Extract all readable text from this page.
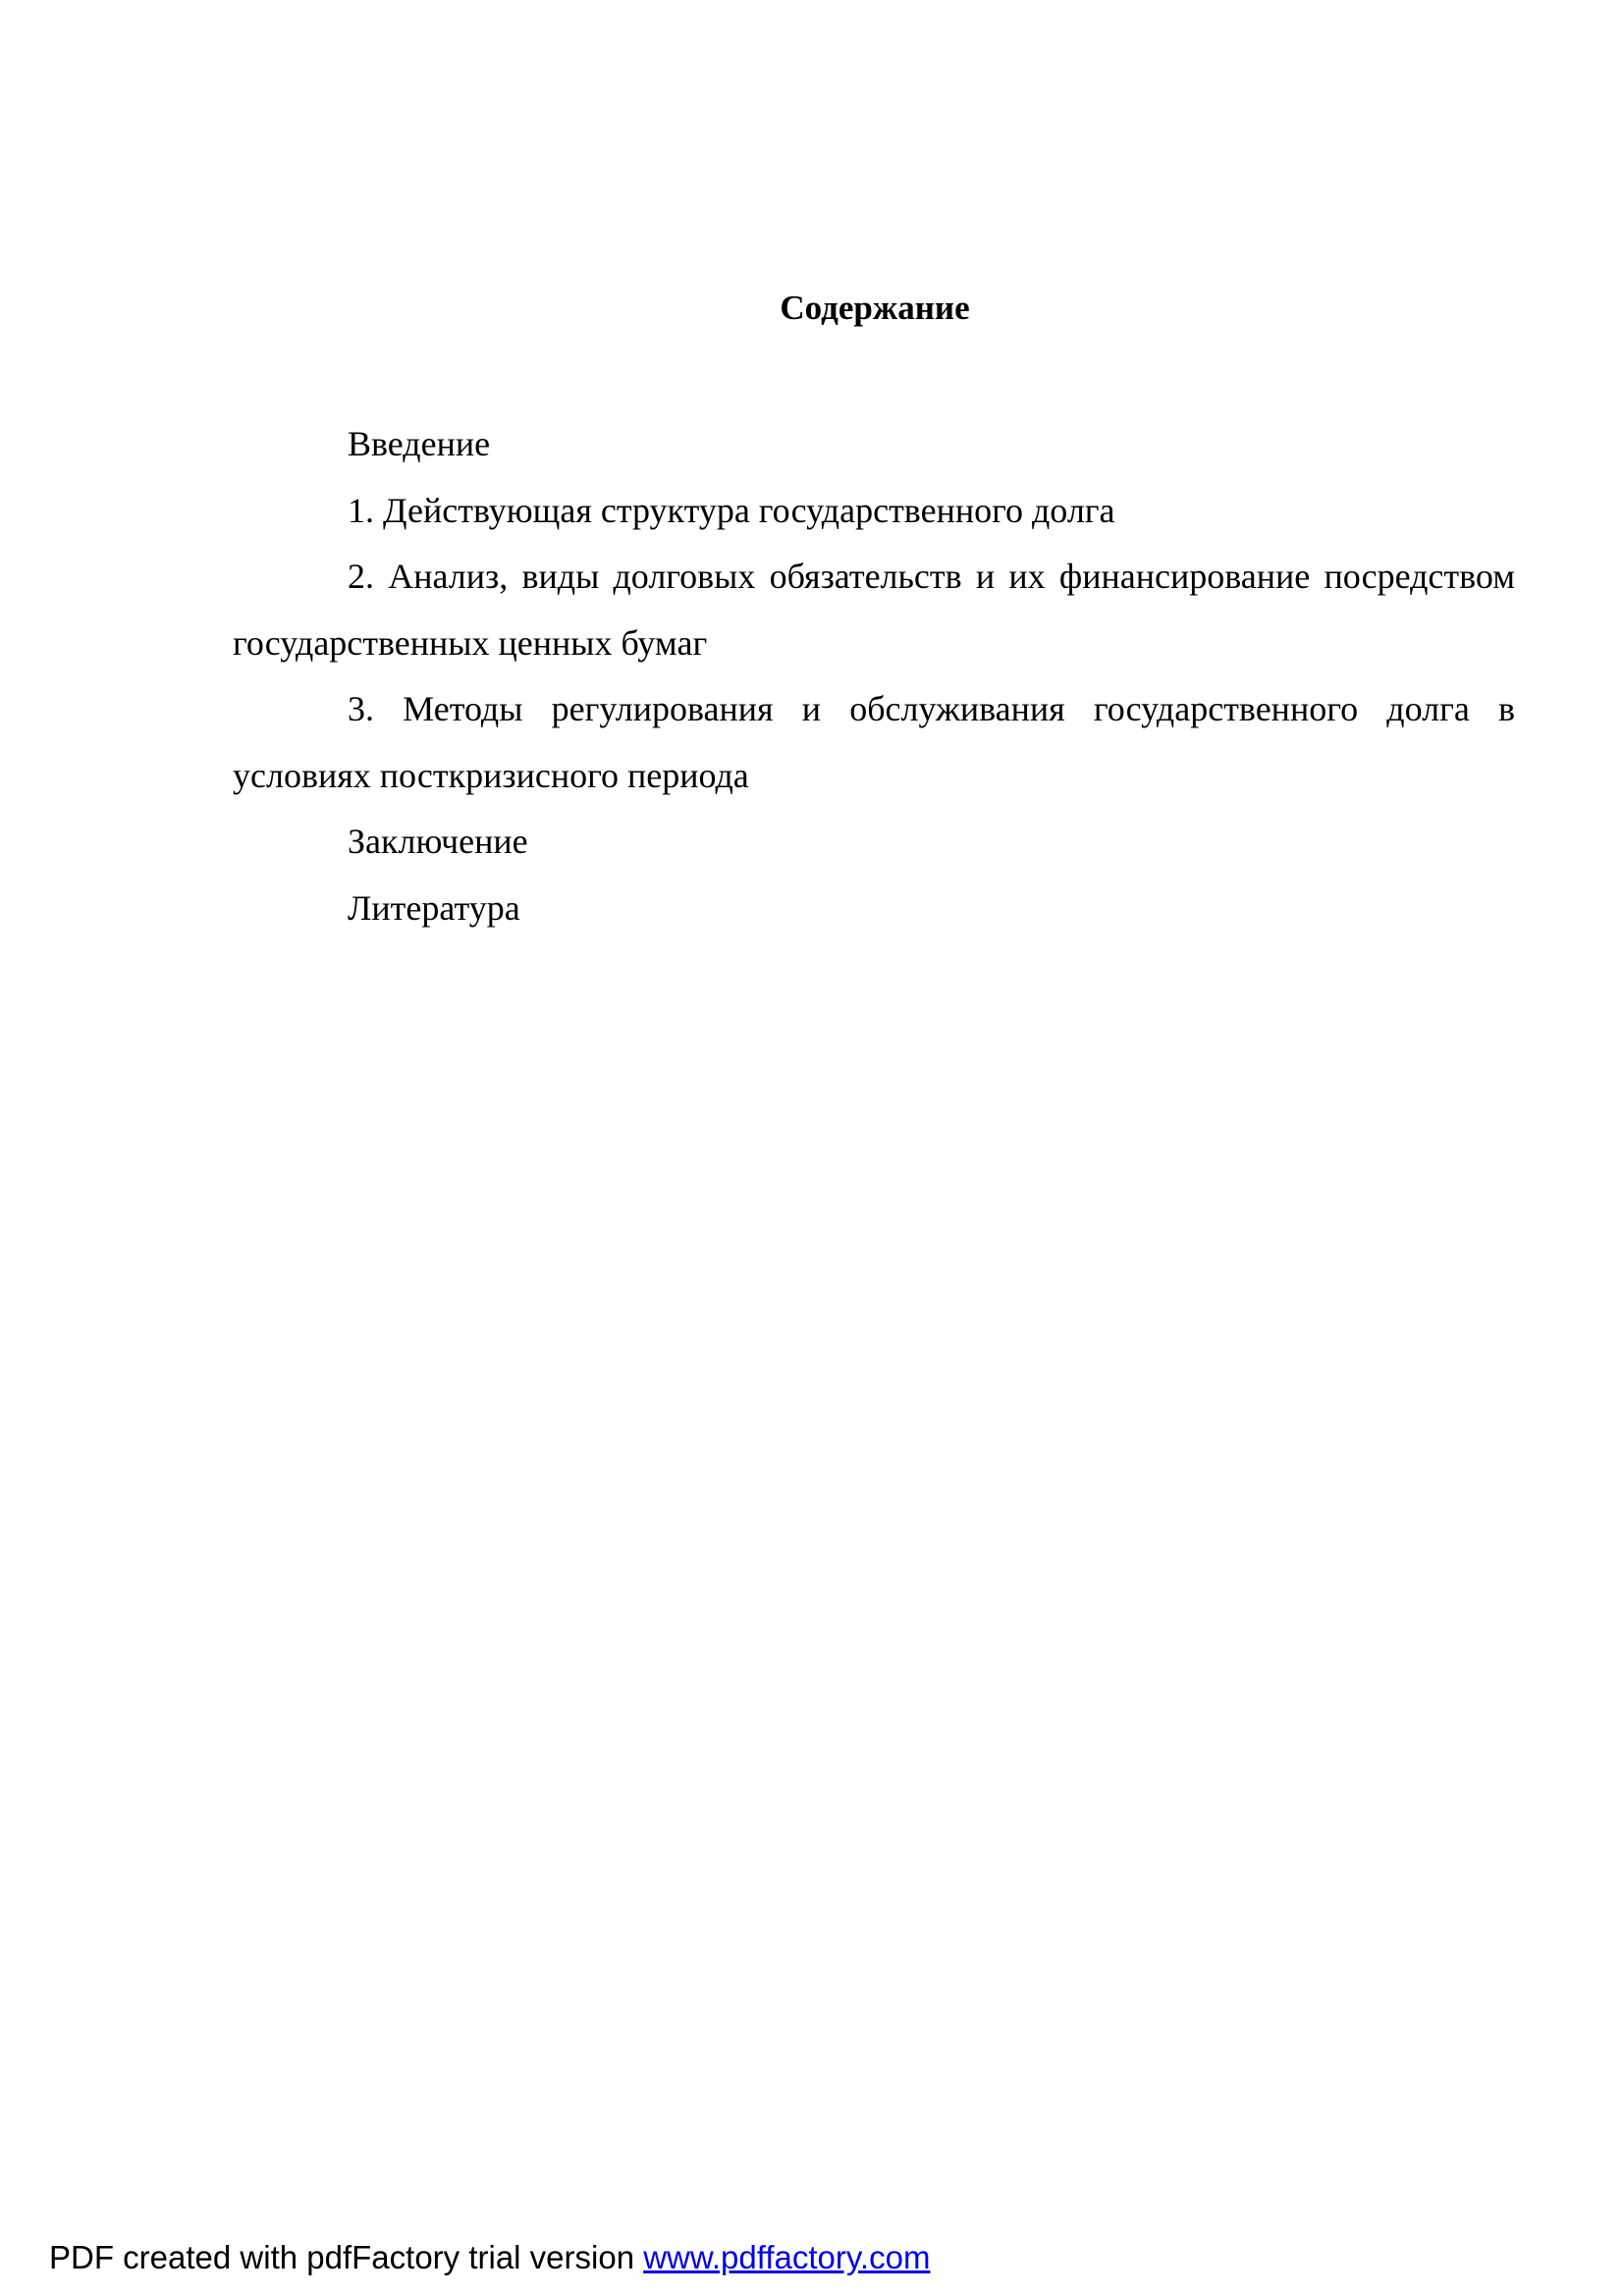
Содержание

Введение

1. Действующая структура государственного долга

2. Анализ, виды долговых обязательств и их финансирование посредством государственных ценных бумаг

3. Методы регулирования и обслуживания государственного долга в условиях посткризисного периода

Заключение

Литература

PDF created with pdfFactory trial version www.pdffactory.com
